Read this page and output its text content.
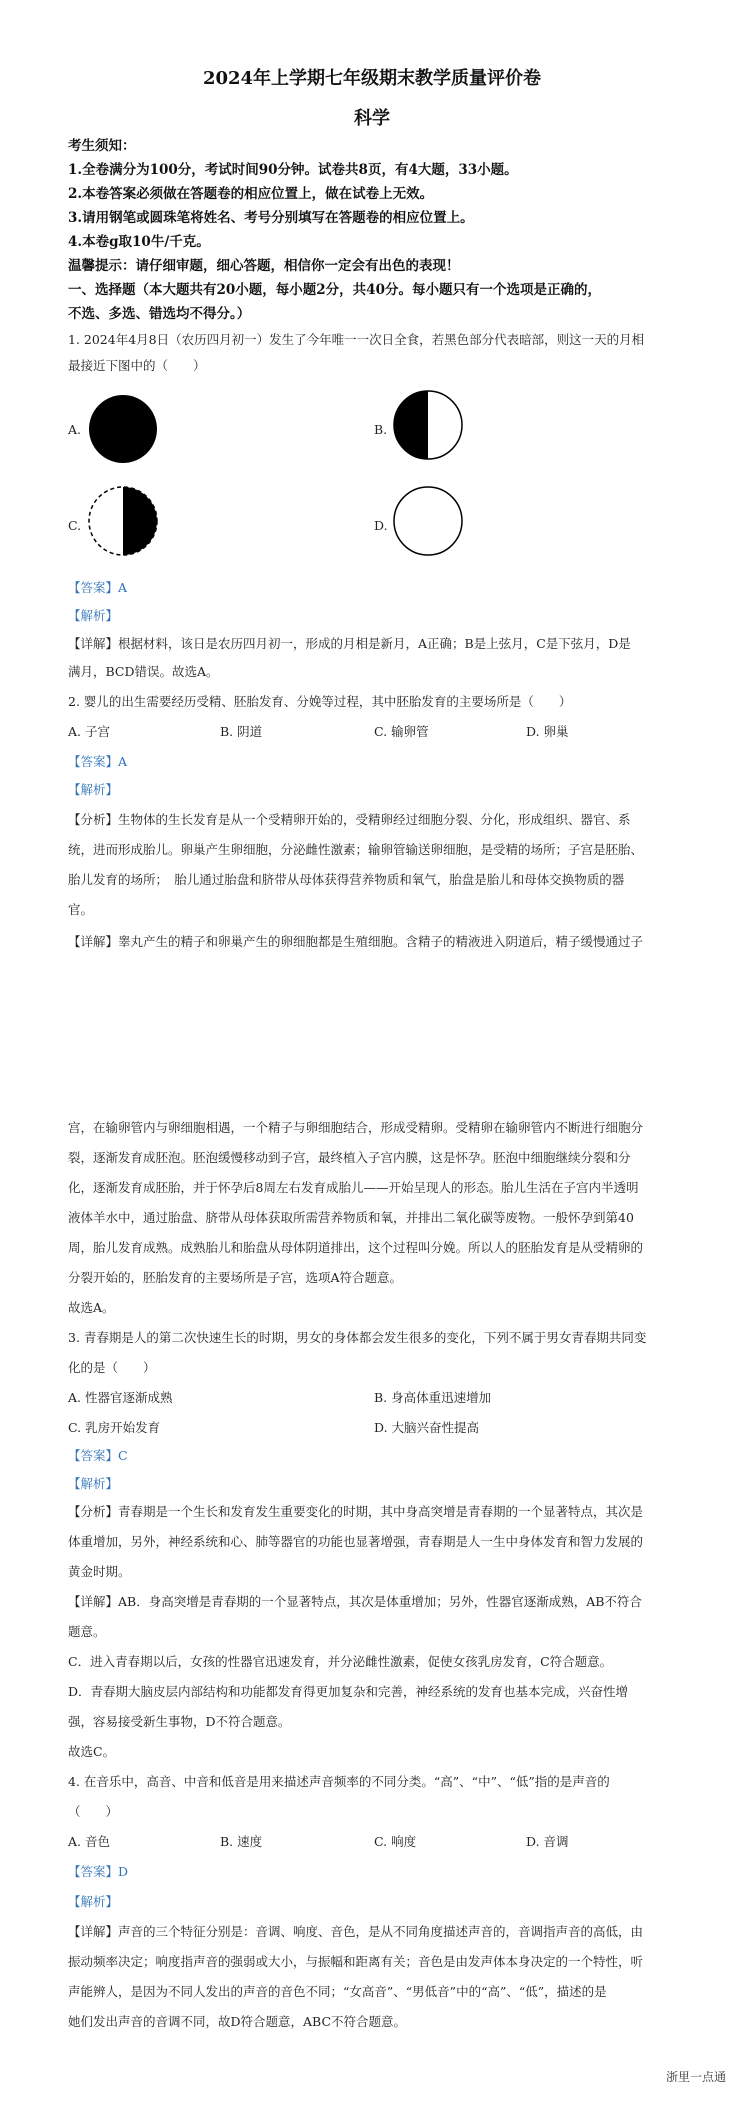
2024年上学期七年级期末教学质量评价卷
科学
考生须知：
1.全卷满分为100分，考试时间90分钟。试卷共8页，有4大题，33小题。
2.本卷答案必须做在答题卷的相应位置上，做在试卷上无效。
3.请用钢笔或圆珠笔将姓名、考号分别填写在答题卷的相应位置上。
4.本卷g取10牛/千克。
温馨提示：请仔细审题，细心答题，相信你一定会有出色的表现！
一、选择题（本大题共有20小题，每小题2分，共40分。每小题只有一个选项是正确的，
不选、多选、错选均不得分。）
1. 2024年4月8日（农历四月初一）发生了今年唯一一次日全食，若黑色部分代表暗部，则这一天的月相
最接近下图中的（　　）
A.	B.
C.	D.
【答案】A
【解析】
【详解】根据材料，该日是农历四月初一，形成的月相是新月，A正确；B是上弦月，C是下弦月，D是
满月，BCD错误。故选A。
2. 婴儿的出生需要经历受精、胚胎发育、分娩等过程，其中胚胎发育的主要场所是（　　）
A. 子宫	B. 阴道	C. 输卵管	D. 卵巢
【答案】A
【解析】
【分析】生物体的生长发育是从一个受精卵开始的，受精卵经过细胞分裂、分化，形成组织、器官、系
统，进而形成胎儿。卵巢产生卵细胞，分泌雌性激素；输卵管输送卵细胞，是受精的场所；子宫是胚胎、
胎儿发育的场所；　胎儿通过胎盘和脐带从母体获得营养物质和氧气，胎盘是胎儿和母体交换物质的器
官。
【详解】睾丸产生的精子和卵巢产生的卵细胞都是生殖细胞。含精子的精液进入阴道后，精子缓慢通过子
宫，在输卵管内与卵细胞相遇，一个精子与卵细胞结合，形成受精卵。受精卵在输卵管内不断进行细胞分
裂，逐渐发育成胚泡。胚泡缓慢移动到子宫，最终植入子宫内膜，这是怀孕。胚泡中细胞继续分裂和分
化，逐渐发育成胚胎，并于怀孕后8周左右发育成胎儿——开始呈现人的形态。胎儿生活在子宫内半透明
液体羊水中，通过胎盘、脐带从母体获取所需营养物质和氧，并排出二氧化碳等废物。一般怀孕到第40
周，胎儿发育成熟。成熟胎儿和胎盘从母体阴道排出，这个过程叫分娩。所以人的胚胎发育是从受精卵的
分裂开始的，胚胎发育的主要场所是子宫，选项A符合题意。
故选A。
3. 青春期是人的第二次快速生长的时期，男女的身体都会发生很多的变化，下列不属于男女青春期共同变
化的是（　　）
A. 性器官逐渐成熟	B. 身高体重迅速增加
C. 乳房开始发育	D. 大脑兴奋性提高
【答案】C
【解析】
【分析】青春期是一个生长和发育发生重要变化的时期，其中身高突增是青春期的一个显著特点，其次是
体重增加，另外，神经系统和心、肺等器官的功能也显著增强，青春期是人一生中身体发育和智力发展的
黄金时期。
【详解】AB．身高突增是青春期的一个显著特点，其次是体重增加；另外，性器官逐渐成熟，AB不符合
题意。
C．进入青春期以后，女孩的性器官迅速发育，并分泌雌性激素，促使女孩乳房发育，C符合题意。
D．青春期大脑皮层内部结构和功能都发育得更加复杂和完善，神经系统的发育也基本完成，兴奋性增
强，容易接受新生事物，D不符合题意。
故选C。
4. 在音乐中，高音、中音和低音是用来描述声音频率的不同分类。“高”、“中”、“低”指的是声音的
（　　）
A. 音色	B. 速度	C. 响度	D. 音调
【答案】D
【解析】
【详解】声音的三个特征分别是：音调、响度、音色，是从不同角度描述声音的，音调指声音的高低，由
振动频率决定；响度指声音的强弱或大小，与振幅和距离有关；音色是由发声体本身决定的一个特性，听
声能辨人，是因为不同人发出的声音的音色不同；“女高音”、“男低音”中的“高”、“低”，描述的是
她们发出声音的音调不同，故D符合题意，ABC不符合题意。
浙里一点通
